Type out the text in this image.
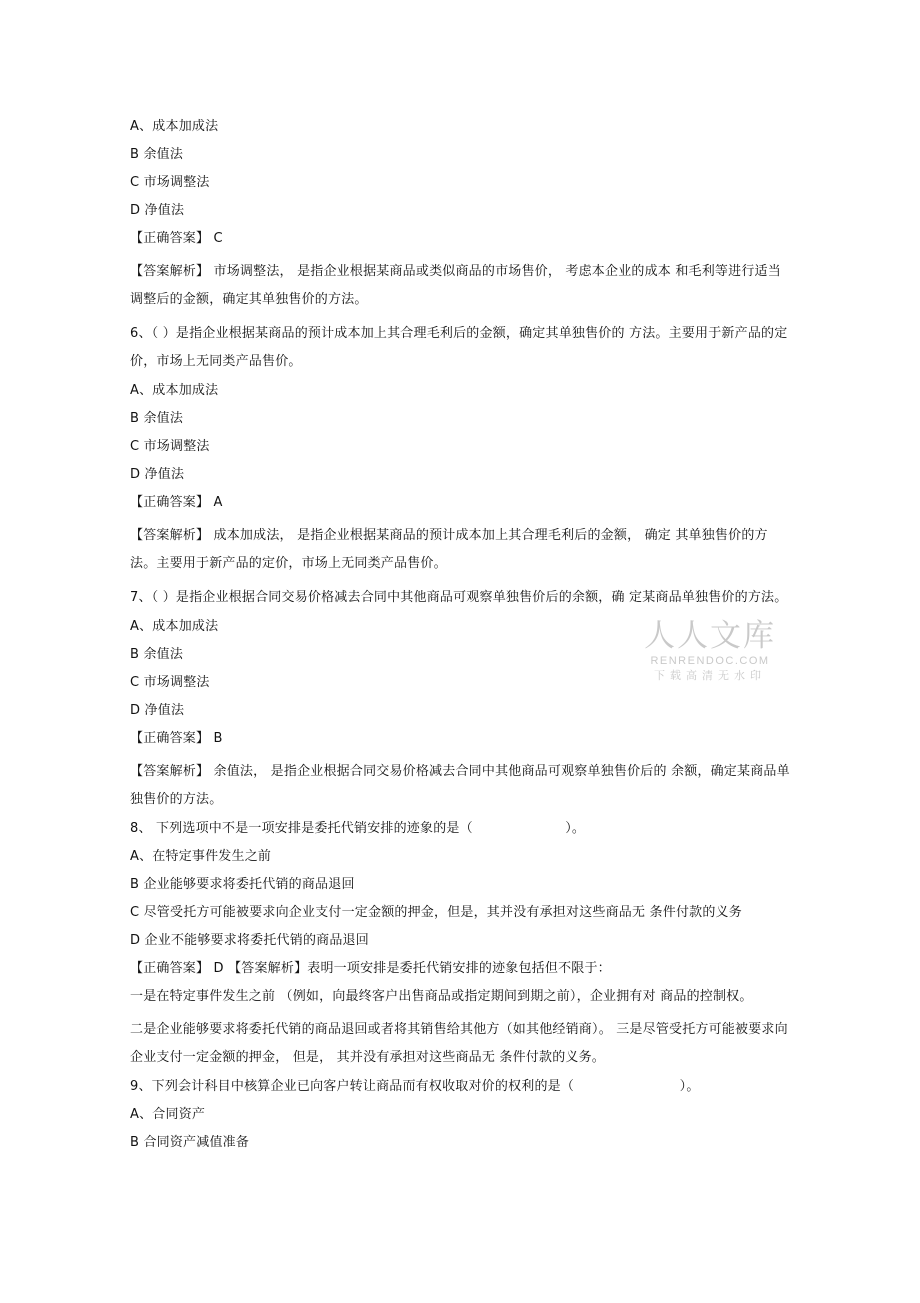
A、成本加成法
B 余值法
C 市场调整法
D 净值法
【正确答案】 C
【答案解析】 市场调整法， 是指企业根据某商品或类似商品的市场售价， 考虑本企业的成本 和毛利等进行适当调整后的金额，确定其单独售价的方法。
6、（ ）是指企业根据某商品的预计成本加上其合理毛利后的金额，确定其单独售价的 方法。主要用于新产品的定价，市场上无同类产品售价。
A、成本加成法
B 余值法
C 市场调整法
D 净值法
【正确答案】 A
【答案解析】 成本加成法， 是指企业根据某商品的预计成本加上其合理毛利后的金额， 确定 其单独售价的方法。主要用于新产品的定价，市场上无同类产品售价。
7、（ ）是指企业根据合同交易价格减去合同中其他商品可观察单独售价后的余额，确 定某商品单独售价的方法。
A、成本加成法
B 余值法
C 市场调整法
D 净值法
【正确答案】 B
【答案解析】 余值法， 是指企业根据合同交易价格减去合同中其他商品可观察单独售价后的 余额，确定某商品单独售价的方法。
8、 下列选项中不是一项安排是委托代销安排的迹象的是（　　　　　　　）。
A、在特定事件发生之前
B 企业能够要求将委托代销的商品退回
C 尽管受托方可能被要求向企业支付一定金额的押金，但是，其并没有承担对这些商品无 条件付款的义务
D 企业不能够要求将委托代销的商品退回
【正确答案】 D 【答案解析】表明一项安排是委托代销安排的迹象包括但不限于：
一是在特定事件发生之前 （例如，向最终客户出售商品或指定期间到期之前），企业拥有对 商品的控制权。
二是企业能够要求将委托代销的商品退回或者将其销售给其他方（如其他经销商）。 三是尽管受托方可能被要求向企业支付一定金额的押金， 但是， 其并没有承担对这些商品无 条件付款的义务。
9、下列会计科目中核算企业已向客户转让商品而有权收取对价的权利的是（　　　　　　　　）。
A、合同资产
B 合同资产减值准备
人人文库
RENRENDOC.COM
下载高清无水印
